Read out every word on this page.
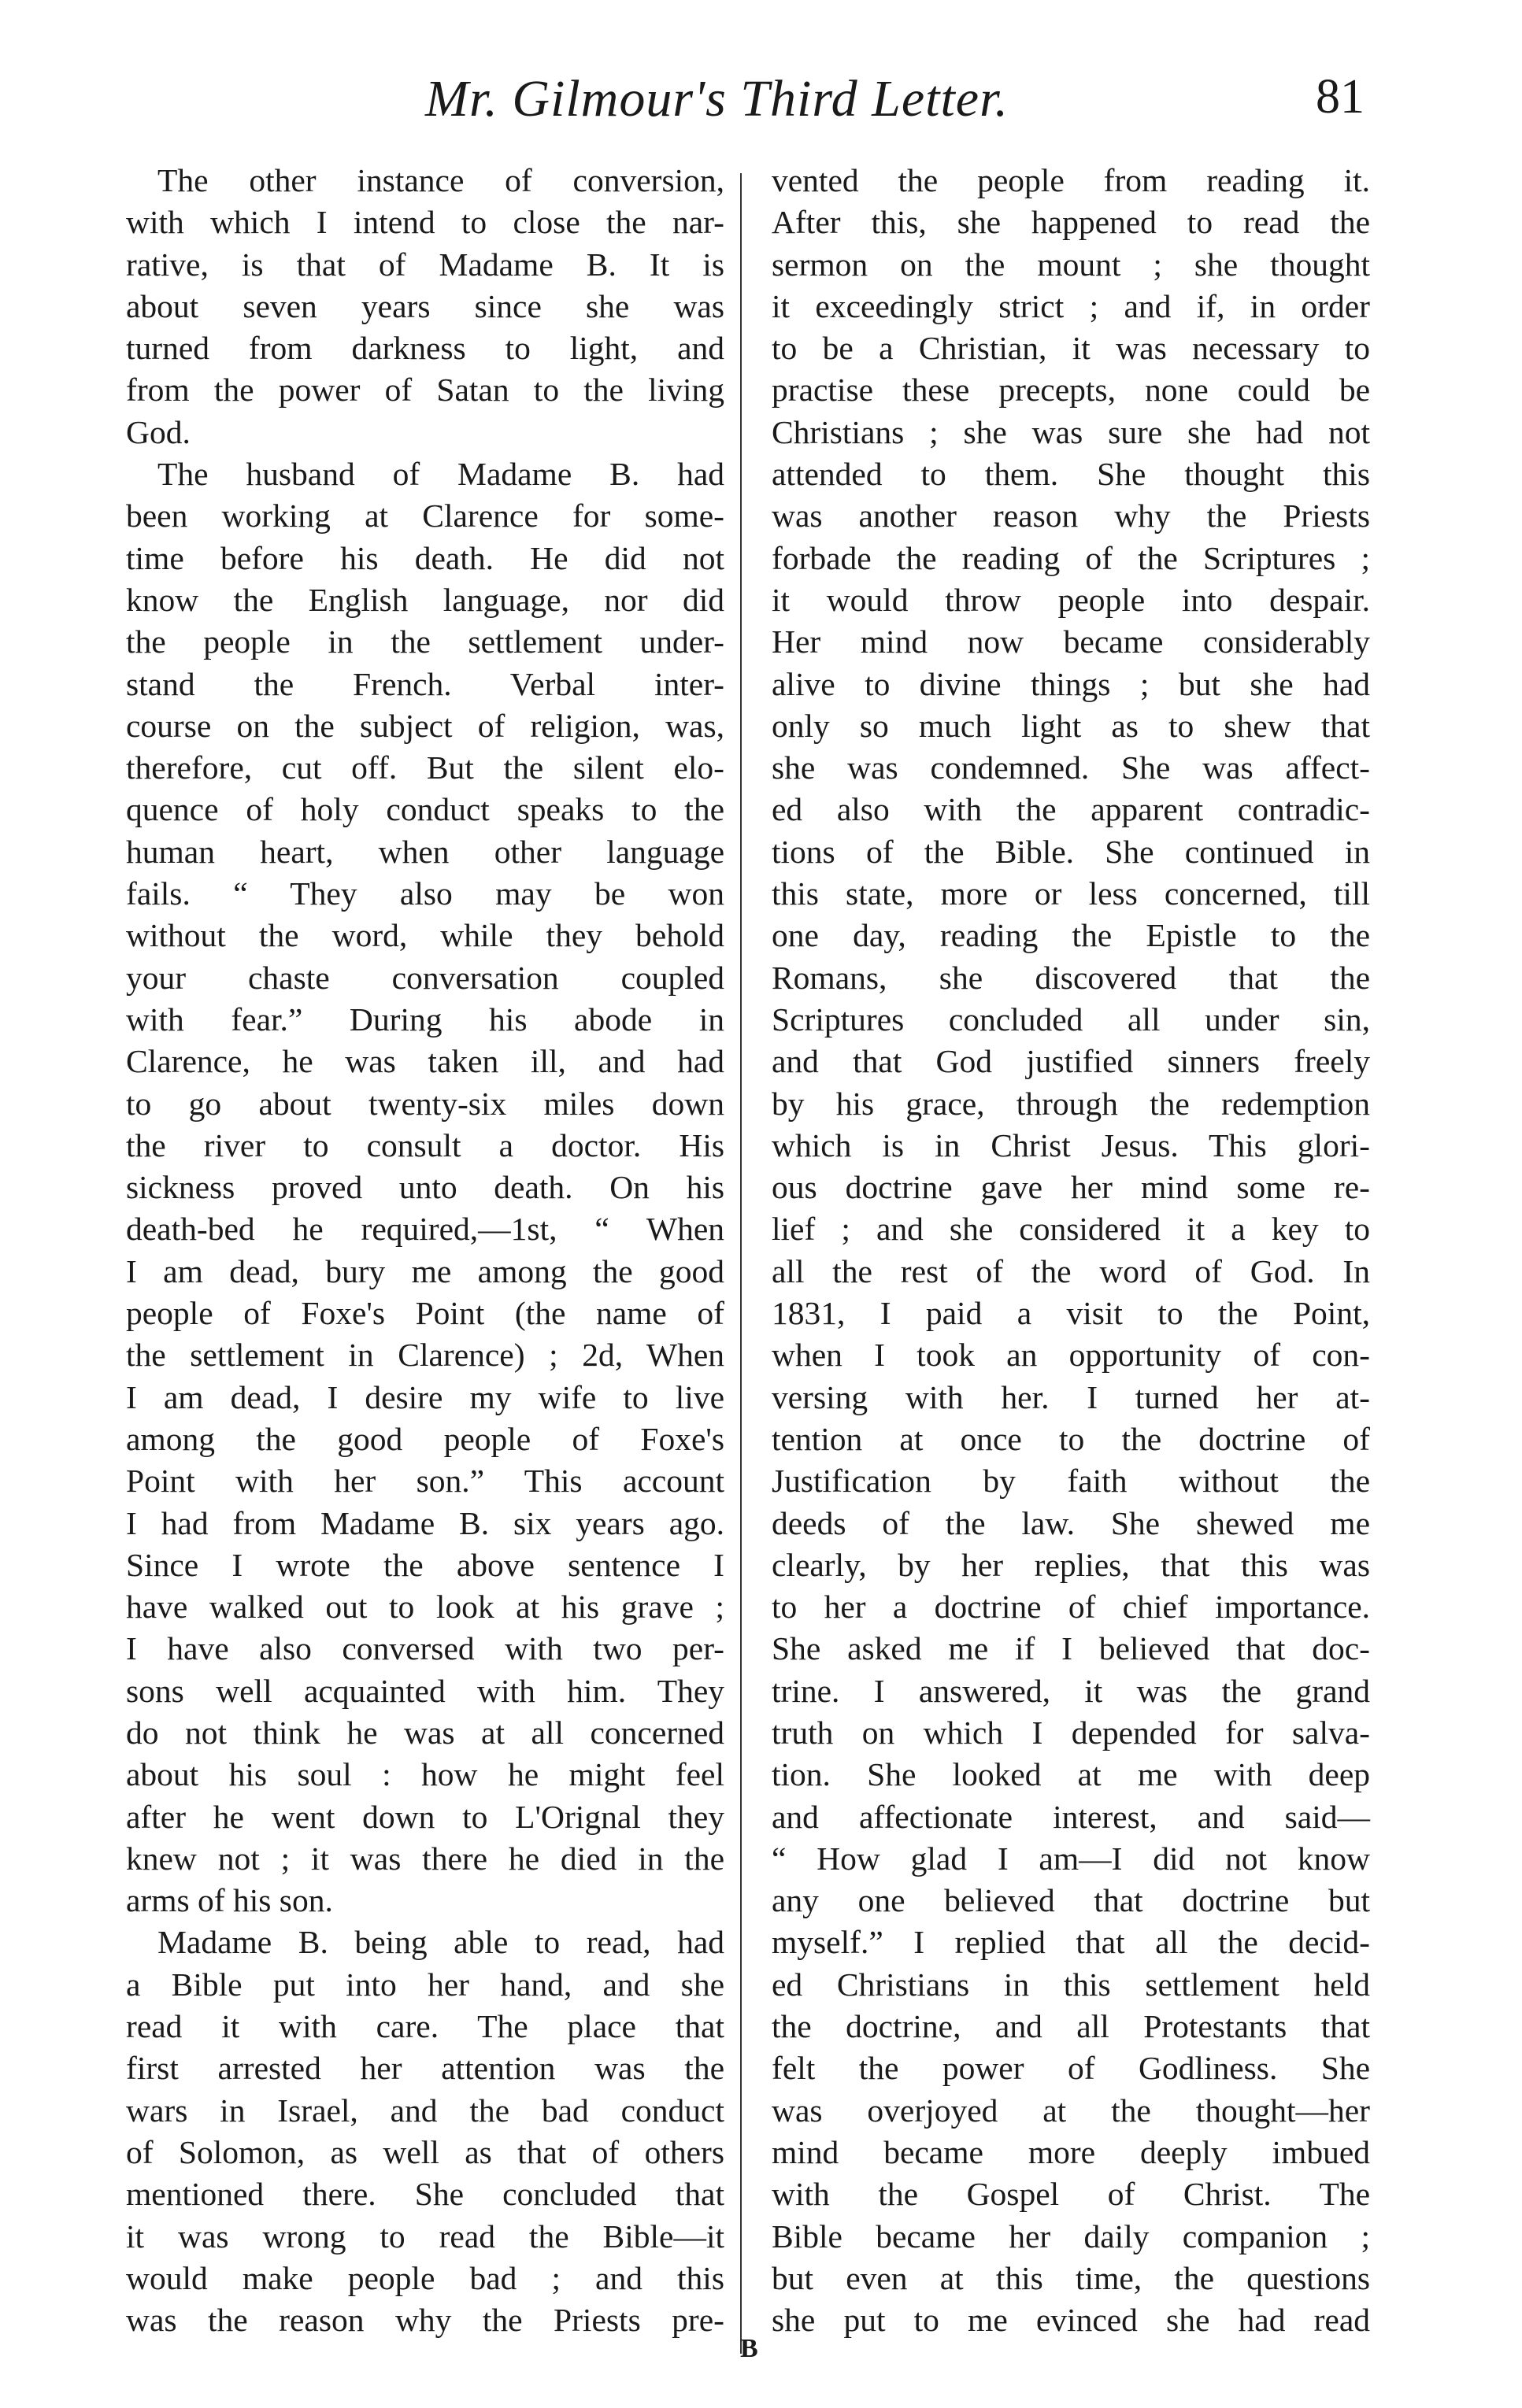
Mr. Gilmour's Third Letter.	81
The other instance of conversion,
with which I intend to close the nar-
rative, is that of Madame B. It is
about seven years since she was
turned from darkness to light, and
from the power of Satan to the living
God.
The husband of Madame B. had
been working at Clarence for some-
time before his death. He did not
know the English language, nor did
the people in the settlement under-
stand the French. Verbal inter-
course on the subject of religion, was,
therefore, cut off. But the silent elo-
quence of holy conduct speaks to the
human heart, when other language
fails. “ They also may be won
without the word, while they behold
your chaste conversation coupled
with fear.” During his abode in
Clarence, he was taken ill, and had
to go about twenty-six miles down
the river to consult a doctor. His
sickness proved unto death. On his
death-bed he required,—1st, “ When
I am dead, bury me among the good
people of Foxe's Point (the name of
the settlement in Clarence) ; 2d, When
I am dead, I desire my wife to live
among the good people of Foxe's
Point with her son.” This account
I had from Madame B. six years ago.
Since I wrote the above sentence I
have walked out to look at his grave ;
I have also conversed with two per-
sons well acquainted with him. They
do not think he was at all concerned
about his soul : how he might feel
after he went down to L'Orignal they
knew not ; it was there he died in the
arms of his son.
Madame B. being able to read, had
a Bible put into her hand, and she
read it with care. The place that
first arrested her attention was the
wars in Israel, and the bad conduct
of Solomon, as well as that of others
mentioned there. She concluded that
it was wrong to read the Bible—it
would make people bad ; and this
was the reason why the Priests pre-
vented the people from reading it.
After this, she happened to read the
sermon on the mount ; she thought
it exceedingly strict ; and if, in order
to be a Christian, it was necessary to
practise these precepts, none could be
Christians ; she was sure she had not
attended to them. She thought this
was another reason why the Priests
forbade the reading of the Scriptures ;
it would throw people into despair.
Her mind now became considerably
alive to divine things ; but she had
only so much light as to shew that
she was condemned. She was affect-
ed also with the apparent contradic-
tions of the Bible. She continued in
this state, more or less concerned, till
one day, reading the Epistle to the
Romans, she discovered that the
Scriptures concluded all under sin,
and that God justified sinners freely
by his grace, through the redemption
which is in Christ Jesus. This glori-
ous doctrine gave her mind some re-
lief ; and she considered it a key to
all the rest of the word of God. In
1831, I paid a visit to the Point,
when I took an opportunity of con-
versing with her. I turned her at-
tention at once to the doctrine of
Justification by faith without the
deeds of the law. She shewed me
clearly, by her replies, that this was
to her a doctrine of chief importance.
She asked me if I believed that doc-
trine. I answered, it was the grand
truth on which I depended for salva-
tion. She looked at me with deep
and affectionate interest, and said—
“ How glad I am—I did not know
any one believed that doctrine but
myself.” I replied that all the decid-
ed Christians in this settlement held
the doctrine, and all Protestants that
felt the power of Godliness. She
was overjoyed at the thought—her
mind became more deeply imbued
with the Gospel of Christ. The
Bible became her daily companion ;
but even at this time, the questions
she put to me evinced she had read
B
